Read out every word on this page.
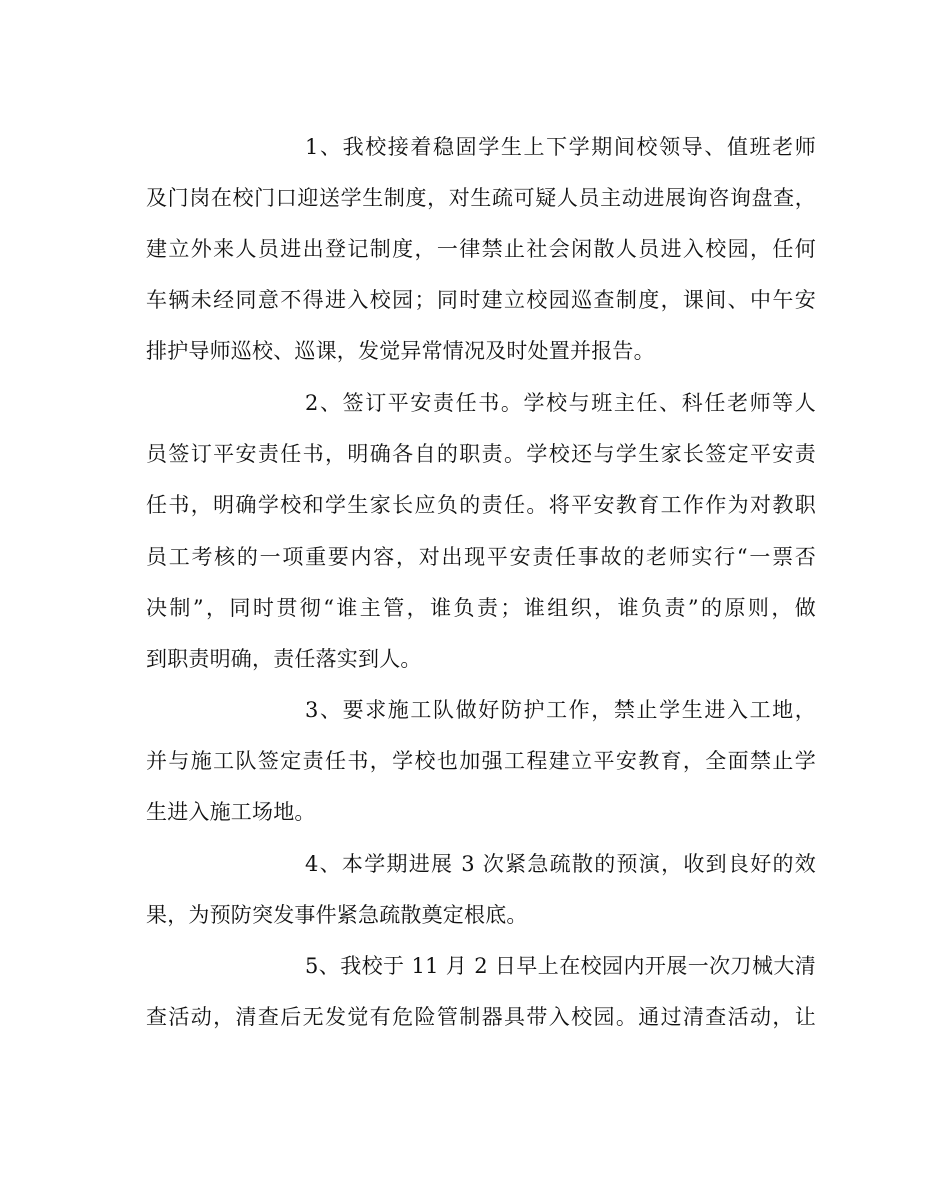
1、我校接着稳固学生上下学期间校领导、值班老师
及门岗在校门口迎送学生制度，对生疏可疑人员主动进展询咨询盘查，
建立外来人员进出登记制度，一律禁止社会闲散人员进入校园，任何
车辆未经同意不得进入校园；同时建立校园巡查制度，课间、中午安
排护导师巡校、巡课，发觉异常情况及时处置并报告。
2、签订平安责任书。学校与班主任、科任老师等人
员签订平安责任书，明确各自的职责。学校还与学生家长签定平安责
任书，明确学校和学生家长应负的责任。将平安教育工作作为对教职
员工考核的一项重要内容，对出现平安责任事故的老师实行“一票否
决制”，同时贯彻“谁主管，谁负责；谁组织，谁负责”的原则，做
到职责明确，责任落实到人。
3、要求施工队做好防护工作，禁止学生进入工地，
并与施工队签定责任书，学校也加强工程建立平安教育，全面禁止学
生进入施工场地。
4、本学期进展 3 次紧急疏散的预演，收到良好的效
果，为预防突发事件紧急疏散奠定根底。
5、我校于 11 月 2 日早上在校园内开展一次刀械大清
查活动，清查后无发觉有危险管制器具带入校园。通过清查活动，让
